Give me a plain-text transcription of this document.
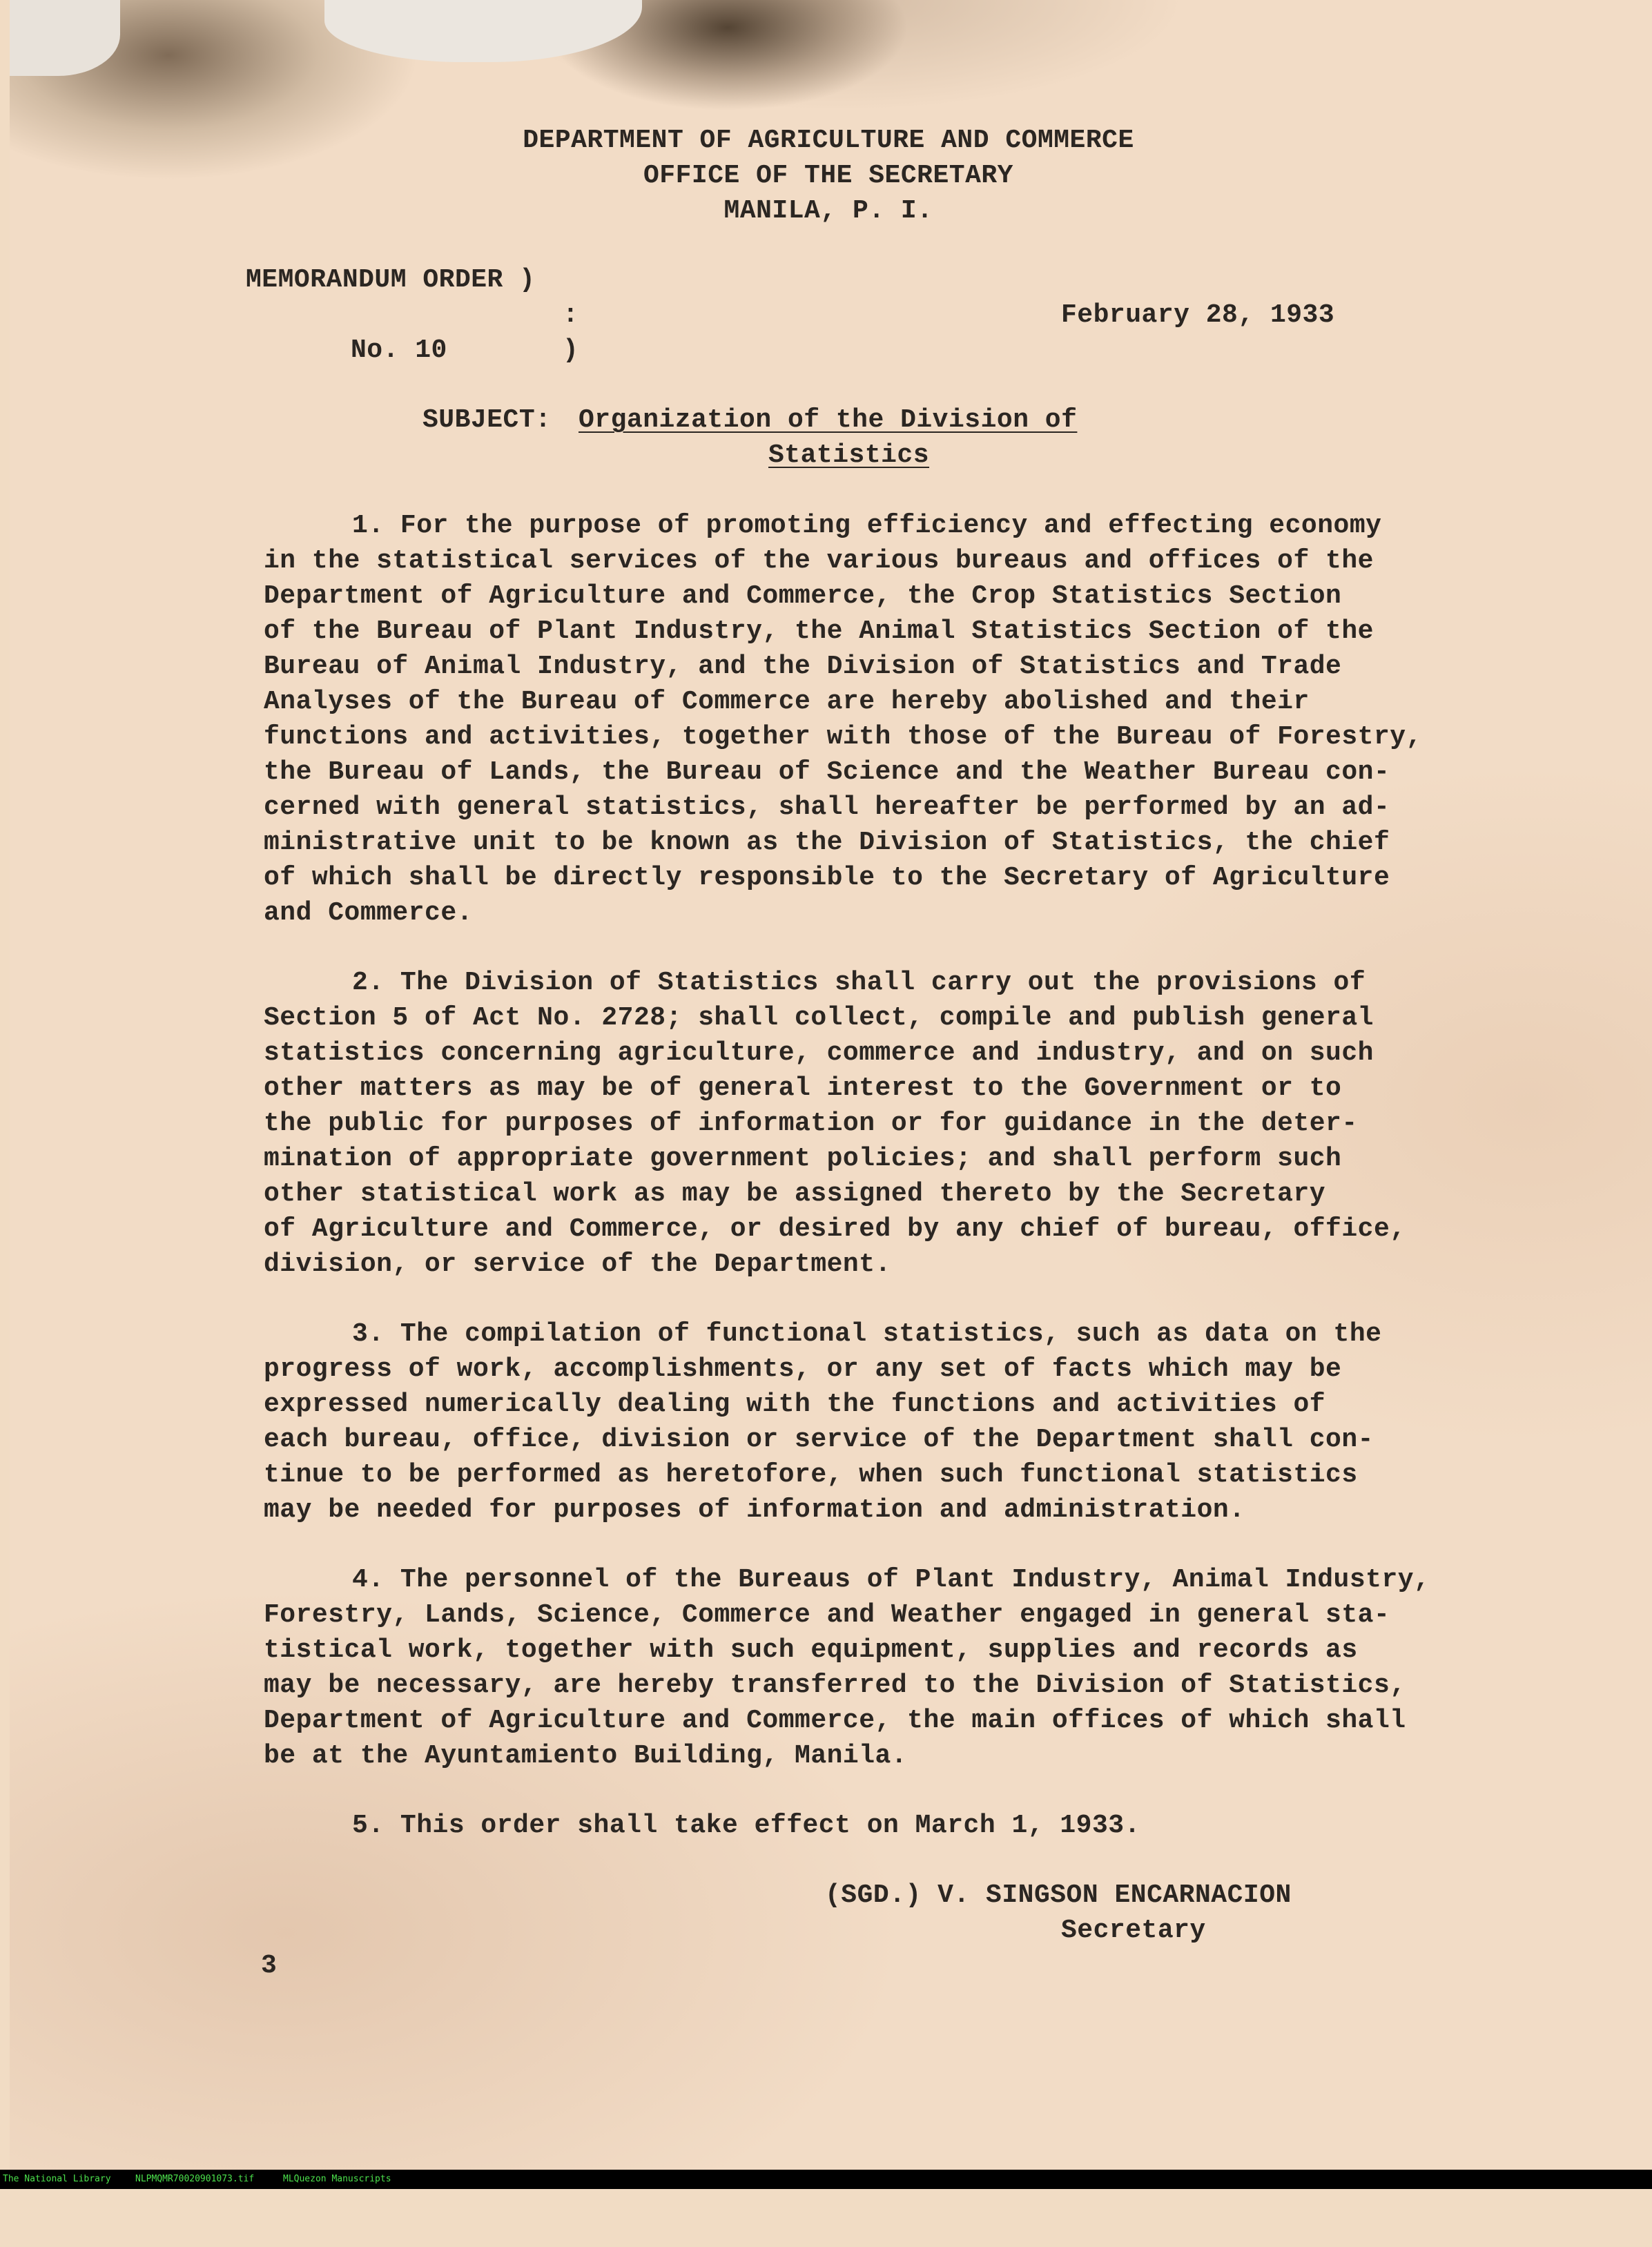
DEPARTMENT OF AGRICULTURE AND COMMERCE
OFFICE OF THE SECRETARY
MANILA, P. I.
MEMORANDUM ORDER )
:
No. 10	)
February 28, 1933
SUBJECT: Organization of the Division of
Statistics
1. For the purpose of promoting efficiency and effecting economy
in the statistical services of the various bureaus and offices of the
Department of Agriculture and Commerce, the Crop Statistics Section
of the Bureau of Plant Industry, the Animal Statistics Section of the
Bureau of Animal Industry, and the Division of Statistics and Trade
Analyses of the Bureau of Commerce are hereby abolished and their
functions and activities, together with those of the Bureau of Forestry,
the Bureau of Lands, the Bureau of Science and the Weather Bureau con-
cerned with general statistics, shall hereafter be performed by an ad-
ministrative unit to be known as the Division of Statistics, the chief
of which shall be directly responsible to the Secretary of Agriculture
and Commerce.
2. The Division of Statistics shall carry out the provisions of
Section 5 of Act No. 2728; shall collect, compile and publish general
statistics concerning agriculture, commerce and industry, and on such
other matters as may be of general interest to the Government or to
the public for purposes of information or for guidance in the deter-
mination of appropriate government policies; and shall perform such
other statistical work as may be assigned thereto by the Secretary
of Agriculture and Commerce, or desired by any chief of bureau, office,
division, or service of the Department.
3. The compilation of functional statistics, such as data on the
progress of work, accomplishments, or any set of facts which may be
expressed numerically dealing with the functions and activities of
each bureau, office, division or service of the Department shall con-
tinue to be performed as heretofore, when such functional statistics
may be needed for purposes of information and administration.
4. The personnel of the Bureaus of Plant Industry, Animal Industry,
Forestry, Lands, Science, Commerce and Weather engaged in general sta-
tistical work, together with such equipment, supplies and records as
may be necessary, are hereby transferred to the Division of Statistics,
Department of Agriculture and Commerce, the main offices of which shall
be at the Ayuntamiento Building, Manila.
5. This order shall take effect on March 1, 1933.
(SGD.) V. SINGSON ENCARNACION
Secretary
3

The National Library

	NLPMQMR70020901073.tif

	MLQuezon Manuscripts
